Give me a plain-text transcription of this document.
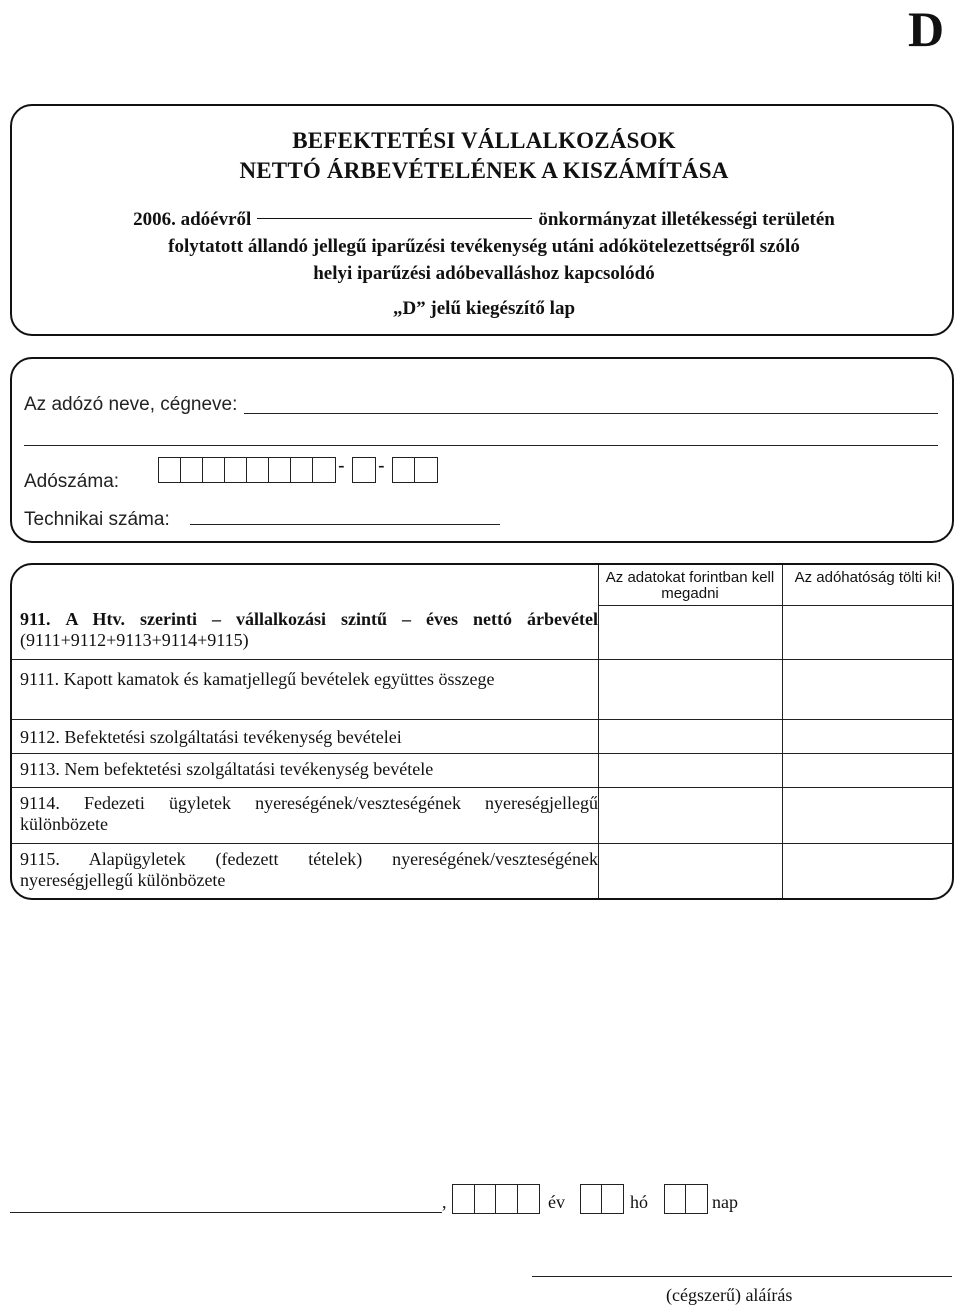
D
BEFEKTETÉSI VÁLLALKOZÁSOK
NETTÓ ÁRBEVÉTELÉNEK A KISZÁMÍTÁSA
2006. adóévről	önkormányzat illetékességi területén
folytatott állandó jellegű iparűzési tevékenység utáni adókötelezettségről szóló
helyi iparűzési adóbevalláshoz kapcsolódó
„D” jelű kiegészítő lap
Az adózó neve, cégneve:
Adószáma:
- -
Technikai száma:
Az adatokat forintban kell megadni
Az adóhatóság tölti ki!
911. A Htv. szerinti – vállalkozási szintű – éves nettó árbevétel (9111+9112+9113+9114+9115)
9111. Kapott kamatok és kamatjellegű bevételek együttes összege
9112. Befektetési szolgáltatási tevékenység bevételei
9113. Nem befektetési szolgáltatási tevékenység bevétele
9114. Fedezeti ügyletek nyereségének/veszteségének nyereségjellegű különbözete
9115. Alapügyletek (fedezett tételek) nyereségének/veszteségének nyereségjellegű különbözete
,	év	hó	nap
(cégszerű) aláírás
